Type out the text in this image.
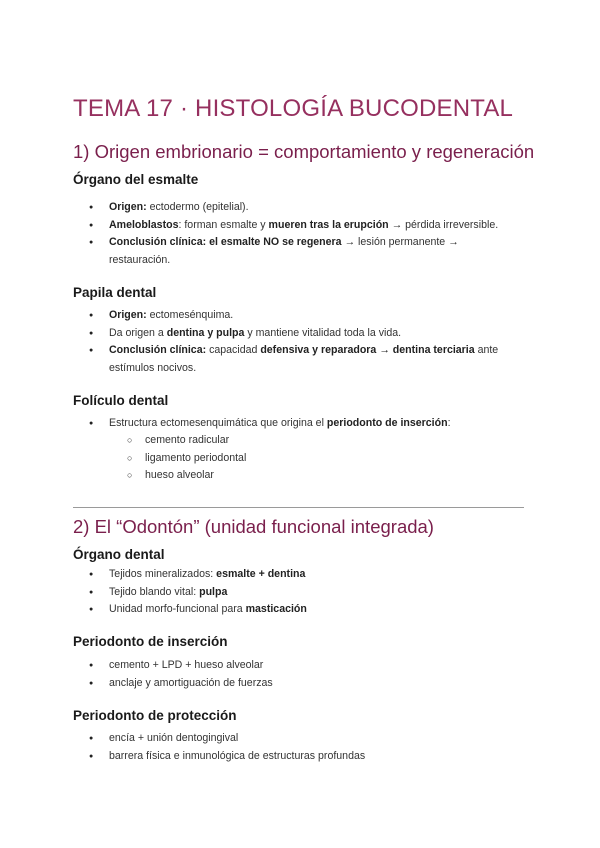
TEMA 17 · HISTOLOGÍA BUCODENTAL
1) Origen embrionario = comportamiento y regeneración
Órgano del esmalte
● Origen: ectodermo (epitelial).
● Ameloblastos: forman esmalte y mueren tras la erupción → pérdida irreversible.
● Conclusión clínica: el esmalte NO se regenera → lesión permanente → restauración.
Papila dental
● Origen: ectomesénquima.
● Da origen a dentina y pulpa y mantiene vitalidad toda la vida.
● Conclusión clínica: capacidad defensiva y reparadora → dentina terciaria ante estímulos nocivos.
Folículo dental
● Estructura ectomesenquimática que origina el periodonto de inserción:
○ cemento radicular
○ ligamento periodontal
○ hueso alveolar
2) El “Odontón” (unidad funcional integrada)
Órgano dental
● Tejidos mineralizados: esmalte + dentina
● Tejido blando vital: pulpa
● Unidad morfo-funcional para masticación
Periodonto de inserción
● cemento + LPD + hueso alveolar
● anclaje y amortiguación de fuerzas
Periodonto de protección
● encía + unión dentogingival
● barrera física e inmunológica de estructuras profundas
